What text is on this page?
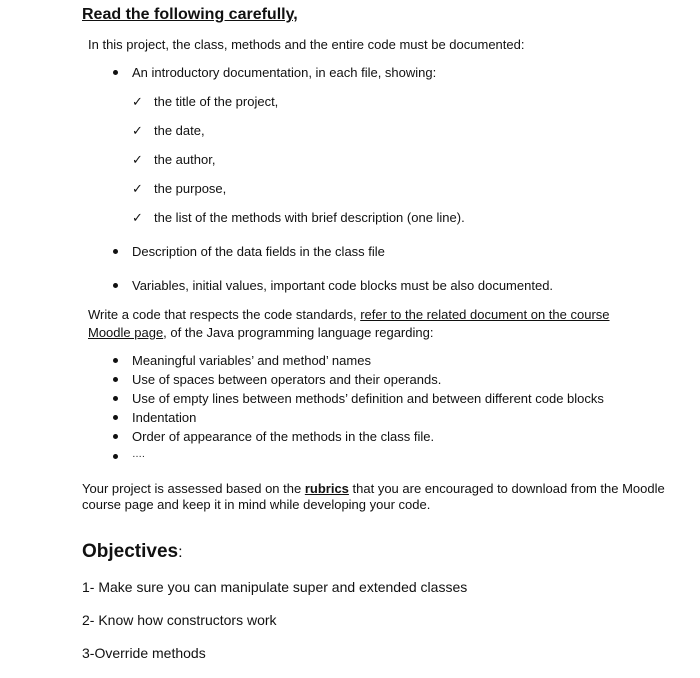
Read the following carefully,
In this project, the class, methods and the entire code must be documented:
An introductory documentation, in each file, showing:
✓ the title of the project,
✓ the date,
✓ the author,
✓ the purpose,
✓ the list of the methods with brief description (one line).
Description of the data fields in the class file
Variables, initial values, important code blocks must be also documented.
Write a code that respects the code standards, refer to the related document on the course
Moodle page, of the Java programming language regarding:
Meaningful variables’ and method’ names
Use of spaces between operators and their operands.
Use of empty lines between methods’ definition and between different code blocks
Indentation
Order of appearance of the methods in the class file.
….
Your project is assessed based on the rubrics that you are encouraged to download from the Moodle
course page and keep it in mind while developing your code.
Objectives:
1- Make sure you can manipulate super and extended classes
2- Know how constructors work
3-Override methods
